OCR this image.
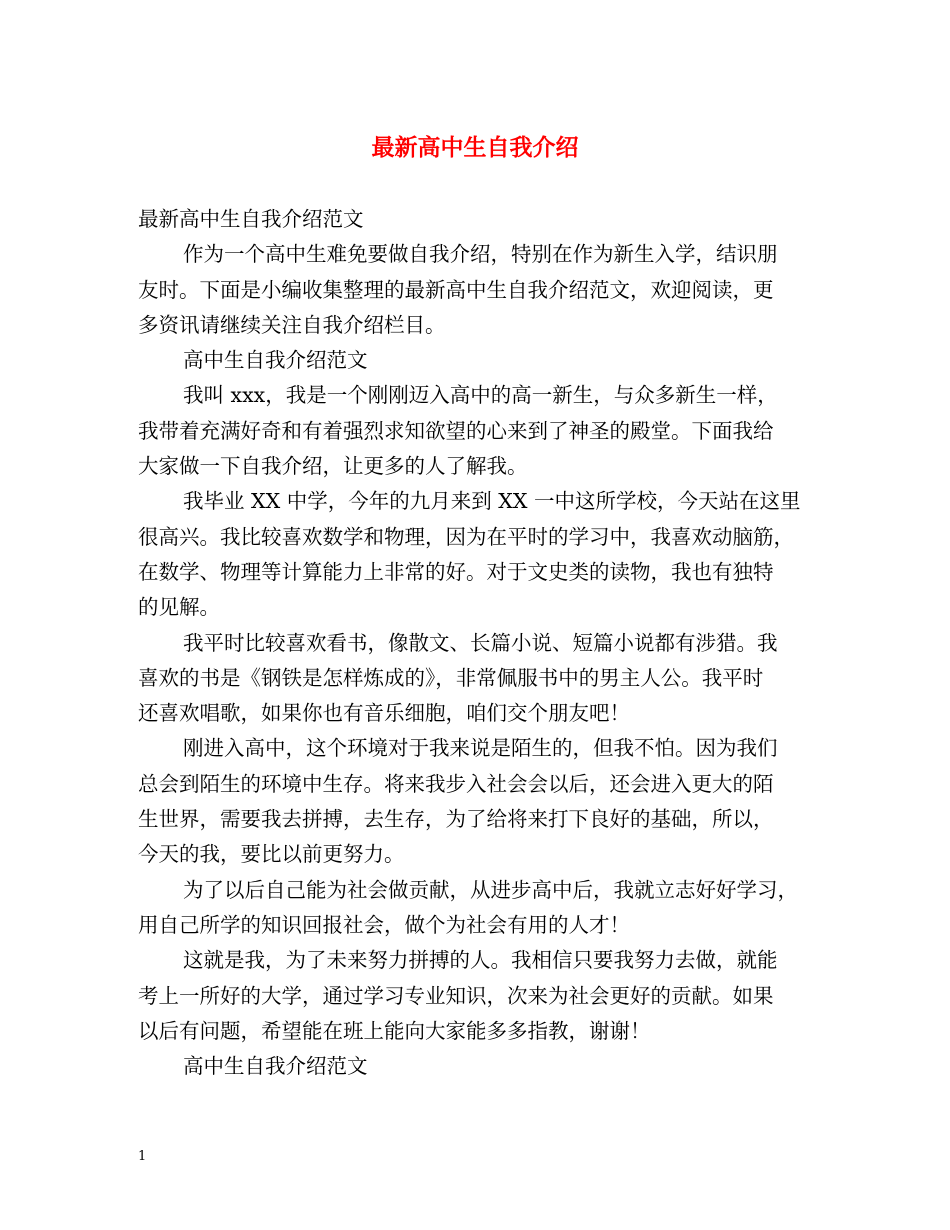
最新高中生自我介绍
最新高中生自我介绍范文
作为一个高中生难免要做自我介绍，特别在作为新生入学，结识朋
友时。下面是小编收集整理的最新高中生自我介绍范文，欢迎阅读，更
多资讯请继续关注自我介绍栏目。
高中生自我介绍范文
我叫 xxx，我是一个刚刚迈入高中的高一新生，与众多新生一样，
我带着充满好奇和有着强烈求知欲望的心来到了神圣的殿堂。下面我给
大家做一下自我介绍，让更多的人了解我。
我毕业 XX 中学，今年的九月来到 XX 一中这所学校，今天站在这里
很高兴。我比较喜欢数学和物理，因为在平时的学习中，我喜欢动脑筋，
在数学、物理等计算能力上非常的好。对于文史类的读物，我也有独特
的见解。
我平时比较喜欢看书，像散文、长篇小说、短篇小说都有涉猎。我
喜欢的书是《钢铁是怎样炼成的》，非常佩服书中的男主人公。我平时
还喜欢唱歌，如果你也有音乐细胞，咱们交个朋友吧！
刚进入高中，这个环境对于我来说是陌生的，但我不怕。因为我们
总会到陌生的环境中生存。将来我步入社会会以后，还会进入更大的陌
生世界，需要我去拼搏，去生存，为了给将来打下良好的基础，所以，
今天的我，要比以前更努力。
为了以后自己能为社会做贡献，从进步高中后，我就立志好好学习，
用自己所学的知识回报社会，做个为社会有用的人才！
这就是我，为了未来努力拼搏的人。我相信只要我努力去做，就能
考上一所好的大学，通过学习专业知识，次来为社会更好的贡献。如果
以后有问题，希望能在班上能向大家能多多指教，谢谢！
高中生自我介绍范文
1
